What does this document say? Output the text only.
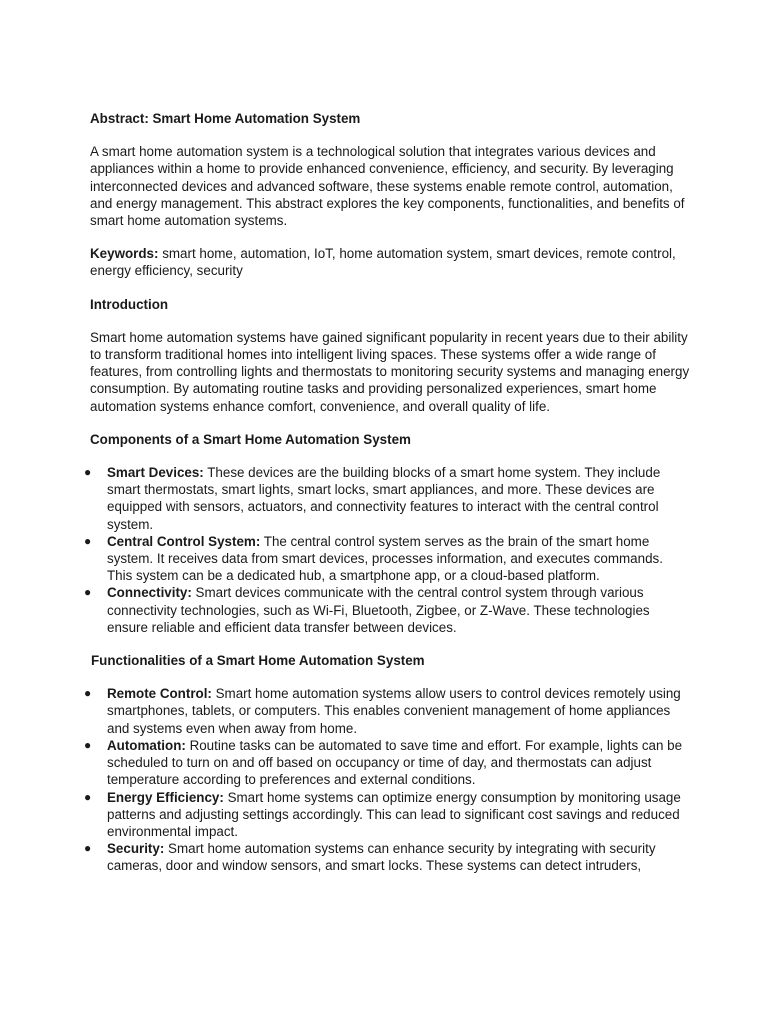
Abstract: Smart Home Automation System

A smart home automation system is a technological solution that integrates various devices and appliances within a home to provide enhanced convenience, efficiency, and security. By leveraging interconnected devices and advanced software, these systems enable remote control, automation, and energy management. This abstract explores the key components, functionalities, and benefits of smart home automation systems.

Keywords: smart home, automation, IoT, home automation system, smart devices, remote control, energy efficiency, security

Introduction

Smart home automation systems have gained significant popularity in recent years due to their ability to transform traditional homes into intelligent living spaces. These systems offer a wide range of features, from controlling lights and thermostats to monitoring security systems and managing energy consumption. By automating routine tasks and providing personalized experiences, smart home automation systems enhance comfort, convenience, and overall quality of life.

Components of a Smart Home Automation System

● Smart Devices: These devices are the building blocks of a smart home system. They include smart thermostats, smart lights, smart locks, smart appliances, and more. These devices are equipped with sensors, actuators, and connectivity features to interact with the central control system.
● Central Control System: The central control system serves as the brain of the smart home system. It receives data from smart devices, processes information, and executes commands. This system can be a dedicated hub, a smartphone app, or a cloud-based platform.
● Connectivity: Smart devices communicate with the central control system through various connectivity technologies, such as Wi-Fi, Bluetooth, Zigbee, or Z-Wave. These technologies ensure reliable and efficient data transfer between devices.

Functionalities of a Smart Home Automation System

● Remote Control: Smart home automation systems allow users to control devices remotely using smartphones, tablets, or computers. This enables convenient management of home appliances and systems even when away from home.
● Automation: Routine tasks can be automated to save time and effort. For example, lights can be scheduled to turn on and off based on occupancy or time of day, and thermostats can adjust temperature according to preferences and external conditions.
● Energy Efficiency: Smart home systems can optimize energy consumption by monitoring usage patterns and adjusting settings accordingly. This can lead to significant cost savings and reduced environmental impact.
● Security: Smart home automation systems can enhance security by integrating with security cameras, door and window sensors, and smart locks. These systems can detect intruders,
